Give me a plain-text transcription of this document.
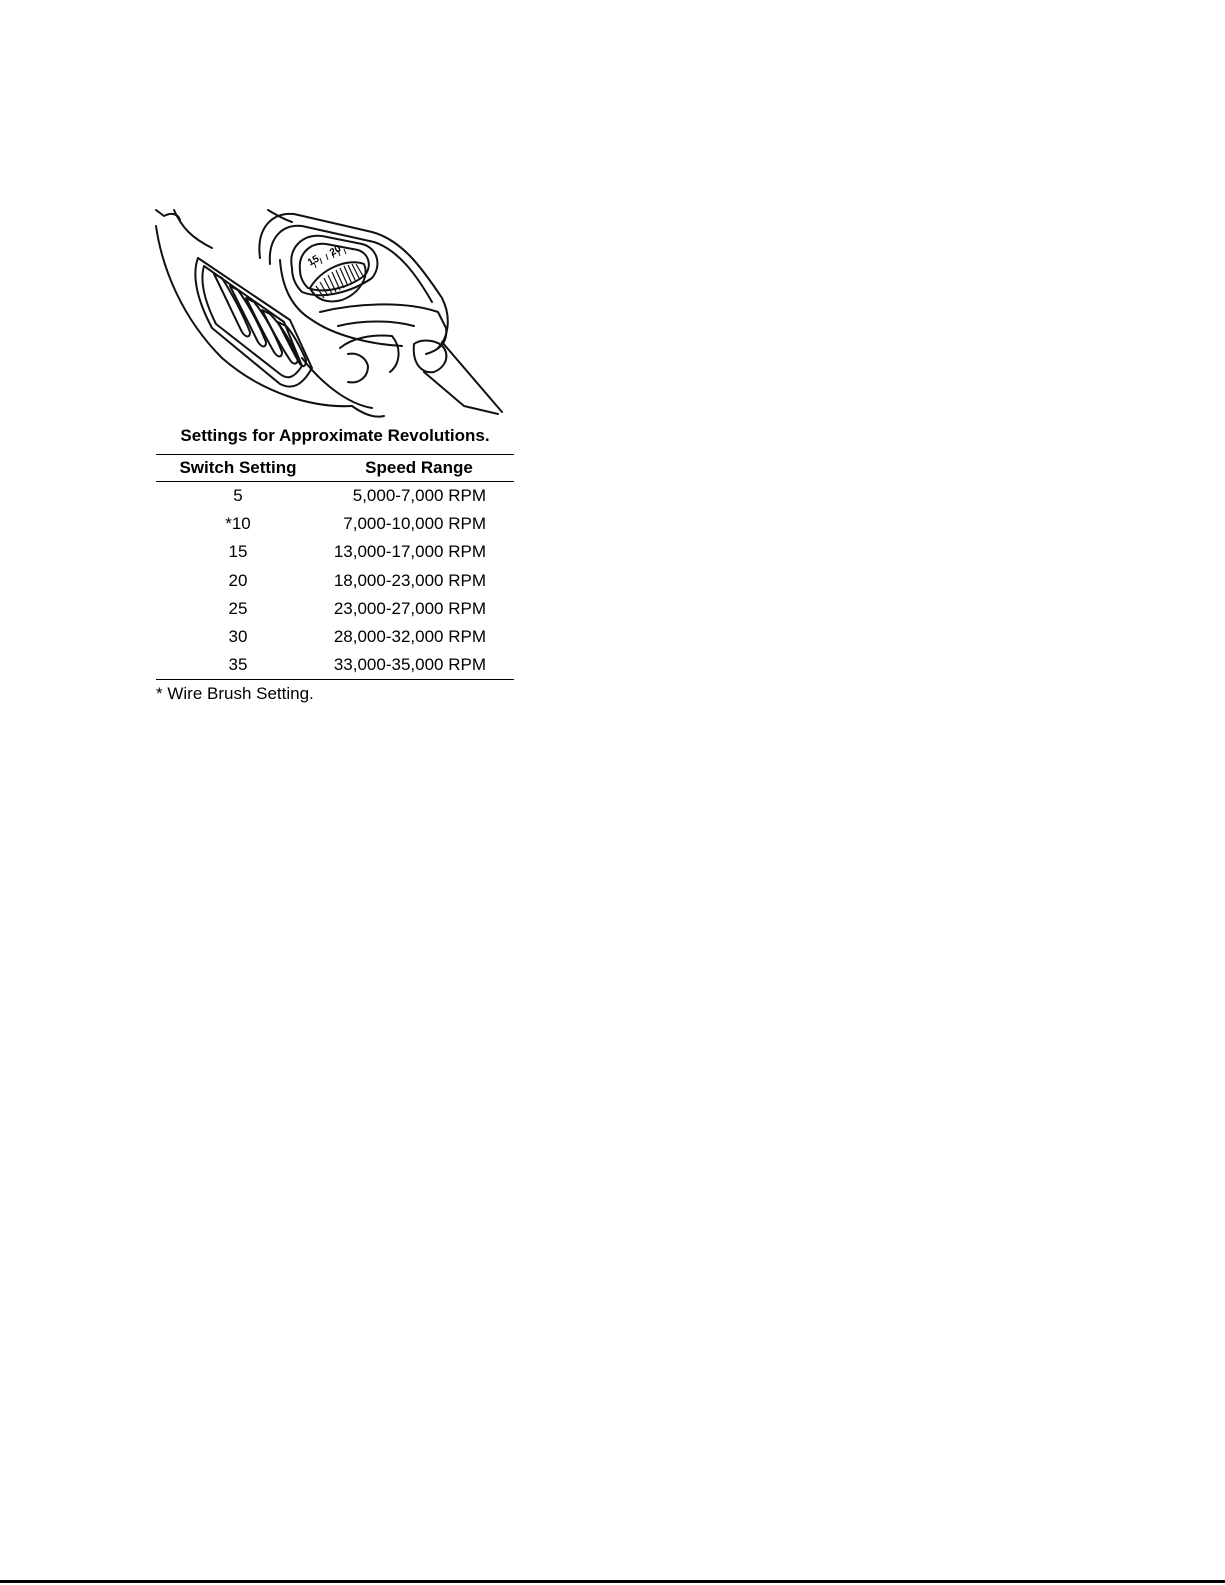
15
20
Settings for Approximate Revolutions.
Switch Setting	Speed Range
5	5,000-7,000 RPM
*10	7,000-10,000 RPM
15	13,000-17,000 RPM
20	18,000-23,000 RPM
25	23,000-27,000 RPM
30	28,000-32,000 RPM
35	33,000-35,000 RPM
* Wire Brush Setting.
